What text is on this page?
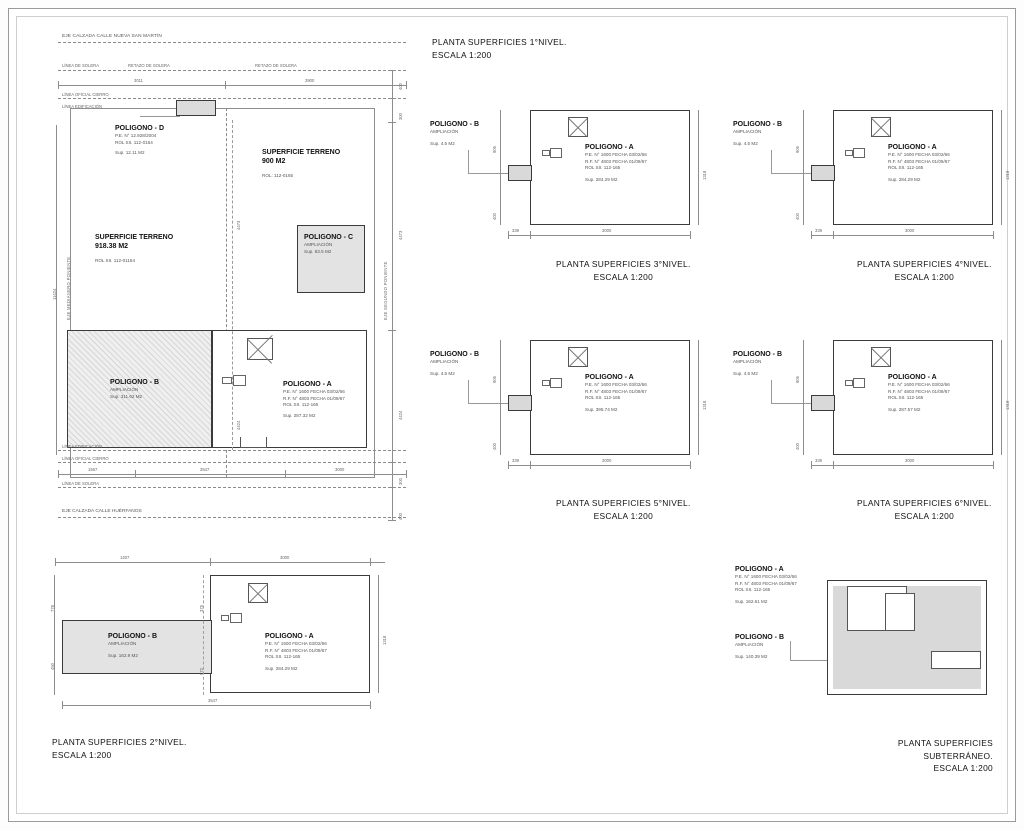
EJE CALZADA CALLE NUEVA SAN MARTÍN
LÍNEA DE SOLERA	RETAZO DE SOLERA	RETAZO DE SOLERA
3011	3900
LÍNEA OFICIAL CIERRO
LÍNEA EDIFICACIÓN
POLIGONO - D
P.E. N° 12.928/2004
ROL SII. 112-0164
Sup. 12.11 M2	SUPERFICIE TERRENO
900 M2
ROL: 112-0165
SUPERFICIE TERRENO
918.38 M2
ROL SII. 112-01164
POLIGONO - C
AMPLIACIÓN
Sup. 83.5 M2
POLIGONO - B
AMPLIACIÓN
Sup. 311.62 M2
POLIGONO - A
P.E. N° 1600 FECHA 03/02/66
R.F. N° 4803 FECHA 01/09/67
ROL SII. 112-165
Sup. 287.32 M2
LÍNEA EDIFICACIÓN
LÍNEA OFICIAL CIERRO
1567	3547	3000
LÍNEA DE SOLERA
EJE CALZADA CALLE HUÉRFANOS
400
300
4473
4424
300
400
4473
4424
11424 EJE MEDIANERO PONIENTE	EJE SEGUNDO PONIENTE
PLANTA SUPERFICIES 1°NIVEL.
ESCALA 1:200
POLIGONO - B
AMPLIACIÓN
Sup. 4.5 M2
POLIGONO - A
P.E. N° 1600 FECHA 03/02/66
R.F. N° 4803 FECHA 01/09/67
ROL SII. 112-165
Sup. 284.29 M2
339	3000
1318
906
400
POLIGONO - B
AMPLIACIÓN
Sup. 4.5 M2
POLIGONO - A
P.E. N° 1600 FECHA 03/02/66
R.F. N° 4803 FECHA 01/09/67
ROL SII. 112-165
Sup. 284.29 M2
339	3000
1318
906
400
PLANTA SUPERFICIES 3°NIVEL.
ESCALA 1:200
PLANTA SUPERFICIES 4°NIVEL.
ESCALA 1:200
POLIGONO - B
AMPLIACIÓN
Sup. 4.5 M2
POLIGONO - A
P.E. N° 1600 FECHA 03/02/66
R.F. N° 4803 FECHA 01/09/67
ROL SII. 112-165
Sup. 395.74 M2
339	3000
1318
906
400
POLIGONO - B
AMPLIACIÓN
Sup. 4.5 M2
POLIGONO - A
P.E. N° 1600 FECHA 03/02/66
R.F. N° 4803 FECHA 01/09/67
ROL SII. 112-165
Sup. 287.57 M2
339	3000
1318
906
400
PLANTA SUPERFICIES 5°NIVEL.
ESCALA 1:200
PLANTA SUPERFICIES 6°NIVEL.
ESCALA 1:200
1407	3000
POLIGONO - B
AMPLIACIÓN
Sup. 162.9 M2
POLIGONO - A
P.E. N° 1600 FECHA 03/02/66
R.F. N° 4803 FECHA 01/09/67
ROL SII. 112-165
Sup. 284.29 M2
778
450
375
572
1318
3547
PLANTA SUPERFICIES 2°NIVEL.
ESCALA 1:200
POLIGONO - A
P.E. N° 1600 FECHA 03/02/66
R.F. N° 4803 FECHA 01/09/67
ROL SII. 112-165
Sup. 162.61 M2
POLIGONO - B
AMPLIACIÓN
Sup. 140.39 M2
PLANTA SUPERFICIES
SUBTERRÁNEO.
ESCALA 1:200
